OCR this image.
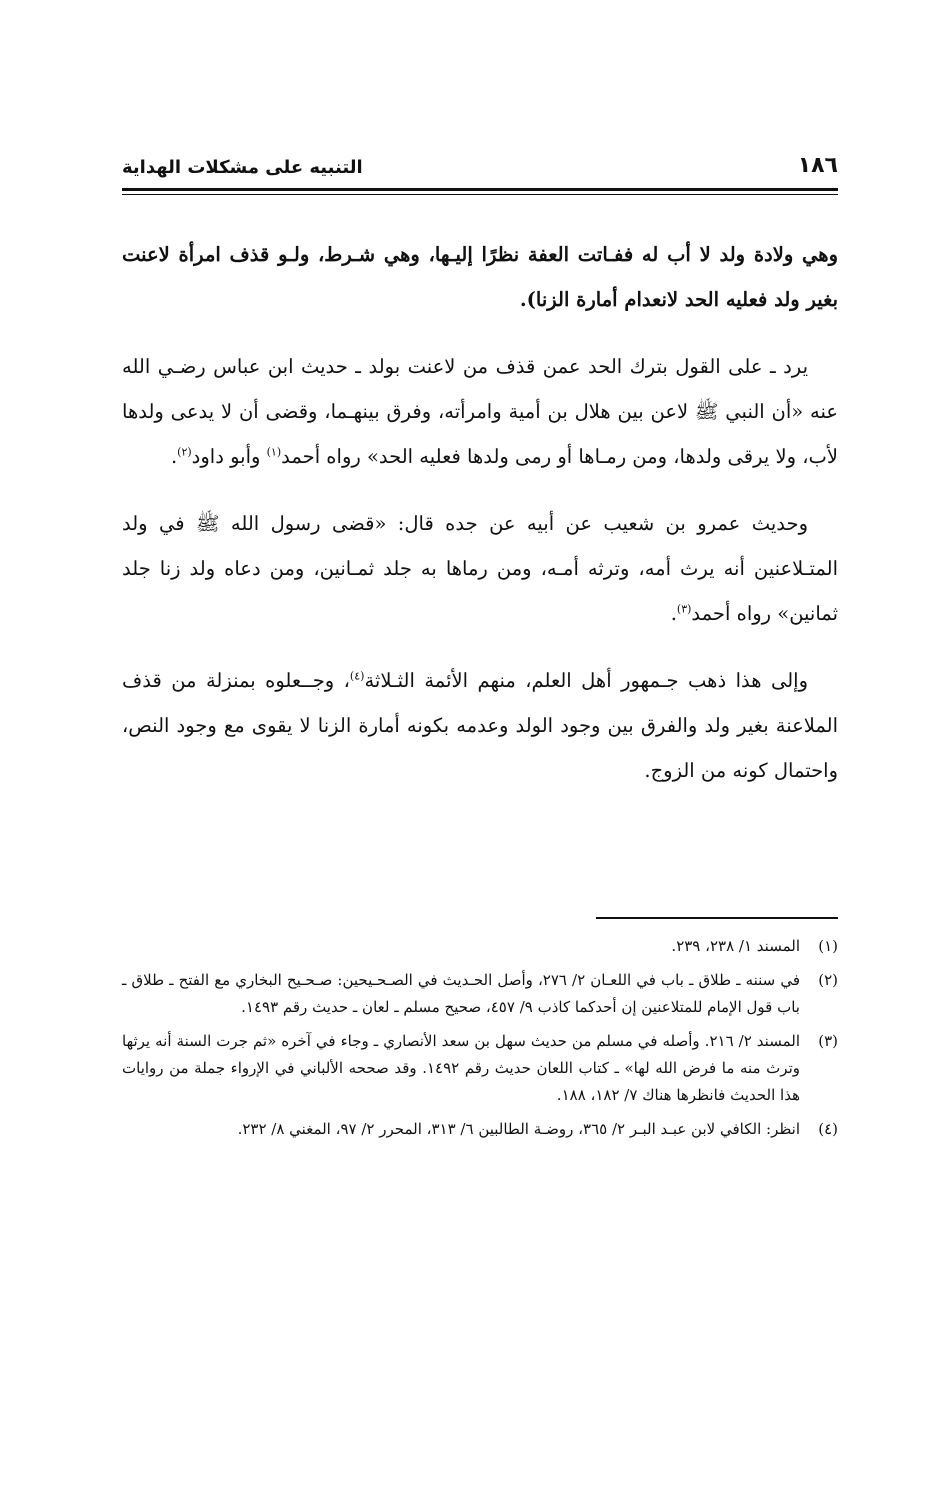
١٨٦
التنبيه على مشكلات الهداية

وهي ولادة ولد لا أب له ففـاتت العفة نظرًا إليـها، وهي شـرط، ولـو قذف امرأة لاعنت بغير ولد فعليه الحد لانعدام أمارة الزنا).

يرد ـ على القول بترك الحد عمن قذف من لاعنت بولد ـ حديث ابن عباس رضـي الله عنه «أن النبي ﷺ لاعن بين هلال بن أمية وامرأته، وفرق بينهـما، وقضى أن لا يدعى ولدها لأب، ولا يرقى ولدها، ومن رمـاها أو رمى ولدها فعليه الحد» رواه أحمد$^{(١)}$ وأبو داود$^{(٢)}$.

وحديث عمرو بن شعيب عن أبيه عن جده قال: «قضى رسول الله ﷺ في ولد المتـلاعنين أنه يرث أمه، وترثه أمـه، ومن رماها به جلد ثمـانين، ومن دعاه ولد زنا جلد ثمانين» رواه أحمد$^{(٣)}$.

وإلى هذا ذهب جـمهور أهل العلم، منهم الأئمة الثـلاثة$^{(٤)}$، وجــعلوه بمنزلة من قذف الملاعنة بغير ولد والفرق بين وجود الولد وعدمه بكونه أمارة الزنا لا يقوى مع وجود النص، واحتمال كونه من الزوج.

(١)
المسند ١/ ٢٣٨، ٢٣٩.
(٢)
في سننه ـ طلاق ـ باب في اللعـان ٢/ ٢٧٦، وأصل الحـديث في الصـحـيحين: صـحـيح البخاري مع الفتح ـ طلاق ـ باب قول الإمام للمتلاعنين إن أحدكما كاذب ٩/ ٤٥٧، صحيح مسلم ـ لعان ـ حديث رقم ١٤٩٣.
(٣)
المسند ٢/ ٢١٦. وأصله في مسلم من حديث سهل بن سعد الأنصاري ـ وجاء في آخره «ثم جرت السنة أنه يرثها وترث منه ما فرض الله لها» ـ كتاب اللعان حديث رقم ١٤٩٢. وقد صححه الألباني في الإرواء جملة من روايات هذا الحديث فانظرها هناك ٧/ ١٨٢، ١٨٨.
(٤)
انظر: الكافي لابن عبـد البـر ٢/ ٣٦٥، روضـة الطالبين ٦/ ٣١٣، المحرر ٢/ ٩٧، المغني ٨/ ٢٣٢.
